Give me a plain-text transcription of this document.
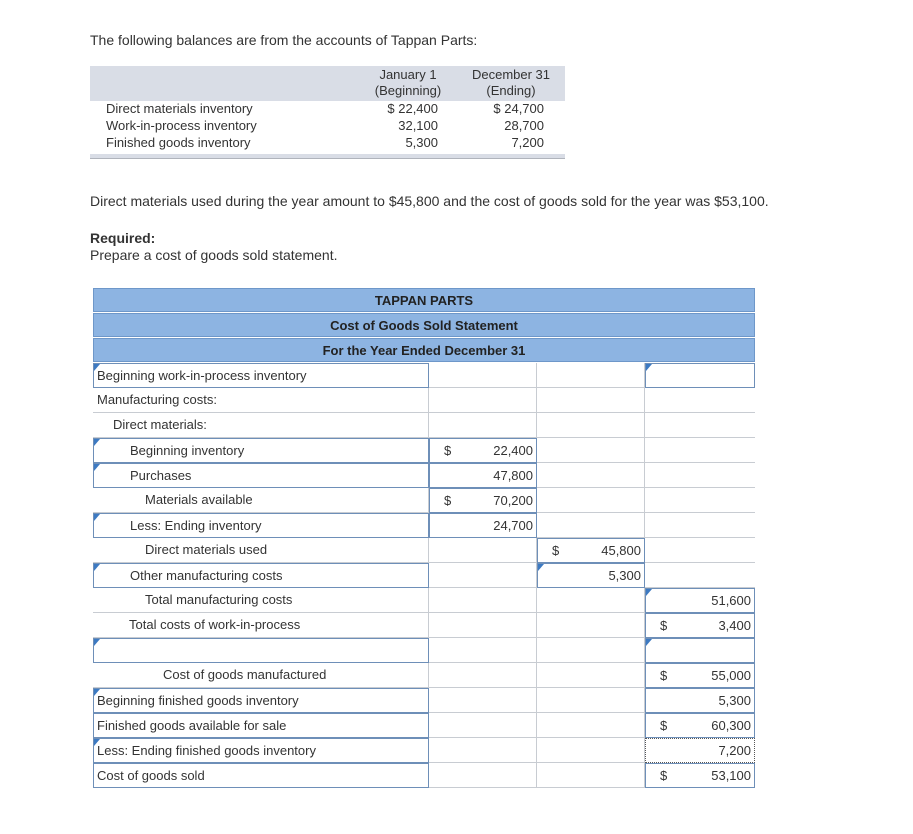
The following balances are from the accounts of Tappan Parts:
January 1
(Beginning)
December 31
(Ending)
Direct materials inventory	$ 22,400	$ 24,700
Work-in-process inventory	32,100	28,700
Finished goods inventory	5,300	7,200
Direct materials used during the year amount to $45,800 and the cost of goods sold for the year was $53,100.
Required:
Prepare a cost of goods sold statement.
TAPPAN PARTS
Cost of Goods Sold Statement
For the Year Ended December 31
Beginning work-in-process inventory
Manufacturing costs:
Direct materials:
Beginning inventory	$	22,400
Purchases	47,800
Materials available	$	70,200
Less: Ending inventory	24,700
Direct materials used	$	45,800
Other manufacturing costs	5,300
Total manufacturing costs	51,600
Total costs of work-in-process	$	3,400
Cost of goods manufactured	$	55,000
Beginning finished goods inventory	5,300
Finished goods available for sale	$	60,300
Less: Ending finished goods inventory	7,200
Cost of goods sold	$	53,100
